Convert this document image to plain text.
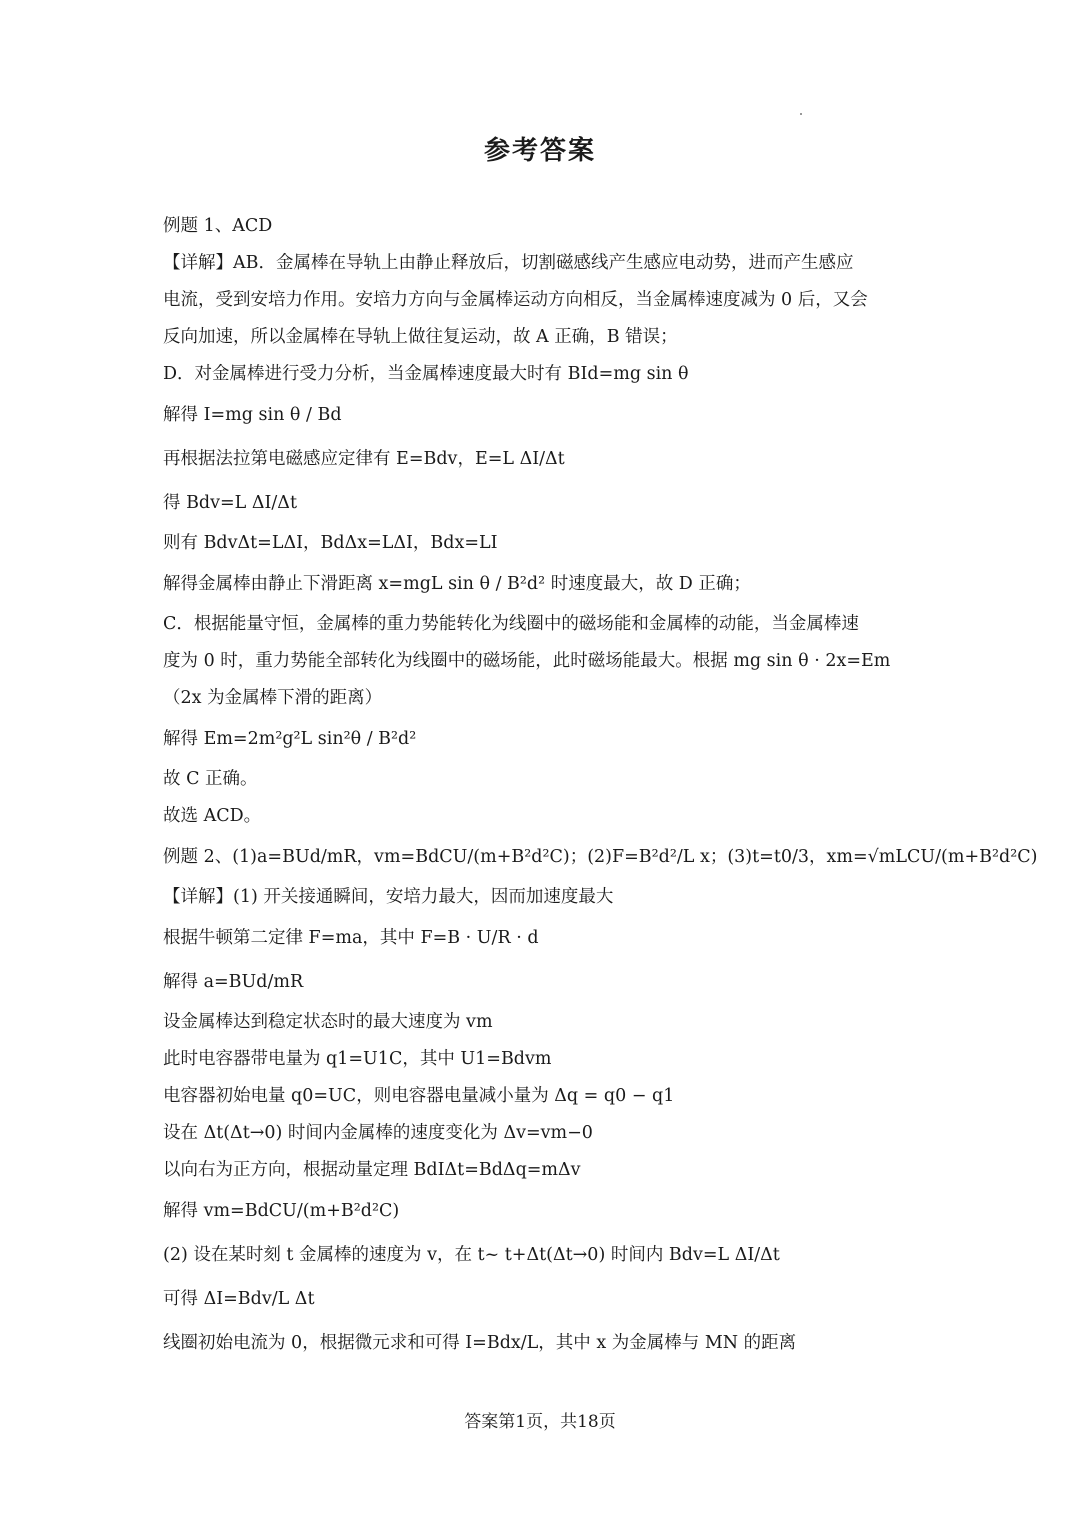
参考答案
例题 1、ACD
【详解】AB．金属棒在导轨上由静止释放后，切割磁感线产生感应电动势，进而产生感应
电流，受到安培力作用。安培力方向与金属棒运动方向相反，当金属棒速度减为 0 后，又会
反向加速，所以金属棒在导轨上做往复运动，故 A 正确，B 错误；
D．对金属棒进行受力分析，当金属棒速度最大时有 BId=mg sin θ
解得 I=mg sin θ / Bd
再根据法拉第电磁感应定律有 E=Bdv，E=L ΔI/Δt
得 Bdv=L ΔI/Δt
则有 BdvΔt=LΔI，BdΔx=LΔI，Bdx=LI
解得金属棒由静止下滑距离 x=mgL sin θ / B²d² 时速度最大，故 D 正确；
C．根据能量守恒，金属棒的重力势能转化为线圈中的磁场能和金属棒的动能，当金属棒速
度为 0 时，重力势能全部转化为线圈中的磁场能，此时磁场能最大。根据 mg sin θ · 2x=Em
（2x 为金属棒下滑的距离）
解得 Em=2m²g²L sin²θ / B²d²
故 C 正确。
故选 ACD。
例题 2、(1)a=BUd/mR，vm=BdCU/(m+B²d²C)；(2)F=B²d²/L x；(3)t=t0/3，xm=√mLCU/(m+B²d²C)
【详解】(1) 开关接通瞬间，安培力最大，因而加速度最大
根据牛顿第二定律 F=ma，其中 F=B · U/R · d
解得 a=BUd/mR
设金属棒达到稳定状态时的最大速度为 vm
此时电容器带电量为 q1=U1C，其中 U1=Bdvm
电容器初始电量 q0=UC，则电容器电量减小量为 Δq = q0 − q1
设在 Δt(Δt→0) 时间内金属棒的速度变化为 Δv=vm−0
以向右为正方向，根据动量定理 BdIΔt=BdΔq=mΔv
解得 vm=BdCU/(m+B²d²C)
(2) 设在某时刻 t 金属棒的速度为 v，在 t~ t+Δt(Δt→0) 时间内 Bdv=L ΔI/Δt
可得 ΔI=Bdv/L Δt
线圈初始电流为 0，根据微元求和可得 I=Bdx/L，其中 x 为金属棒与 MN 的距离
答案第1页，共18页
